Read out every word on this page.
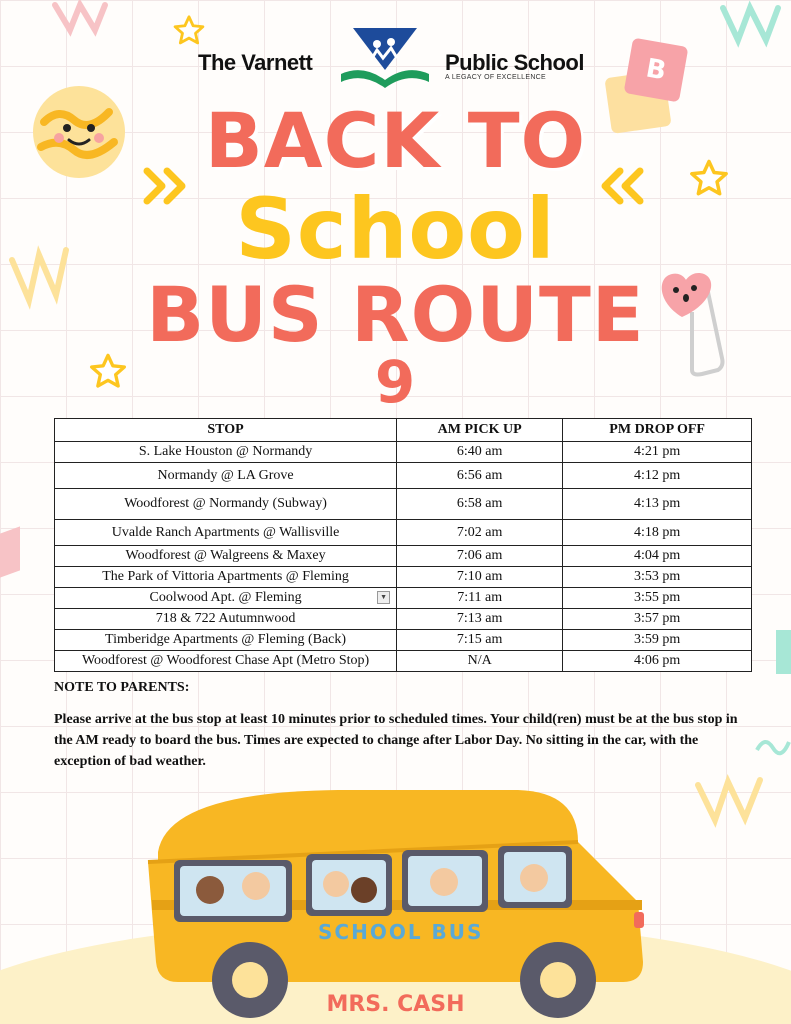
B
The Varnett	Public School
A LEGACY OF EXCELLENCE
BACK TO
School
BUS ROUTE
9
STOP	AM PICK UP	PM DROP OFF
S. Lake Houston @ Normandy	6:40 am	4:21 pm
Normandy @ LA Grove	6:56 am	4:12 pm
Woodforest @ Normandy (Subway)	6:58 am	4:13 pm
Uvalde Ranch Apartments @ Wallisville	7:02 am	4:18 pm
Woodforest @ Walgreens & Maxey	7:06 am	4:04 pm
The Park of Vittoria Apartments @ Fleming	7:10 am	3:53 pm
Coolwood Apt. @ Fleming ▼	7:11 am	3:55 pm
718 & 722 Autumnwood	7:13 am	3:57 pm
Timberidge Apartments @ Fleming (Back)	7:15 am	3:59 pm
Woodforest @ Woodforest Chase Apt (Metro Stop)	N/A	4:06 pm
NOTE TO PARENTS:
Please arrive at the bus stop at least 10 minutes prior to scheduled times. Your child(ren) must be at the bus stop in the AM ready to board the bus. Times are expected to change after Labor Day. No sitting in the car, with the exception of bad weather.
SCHOOL BUS
MRS. CASH
